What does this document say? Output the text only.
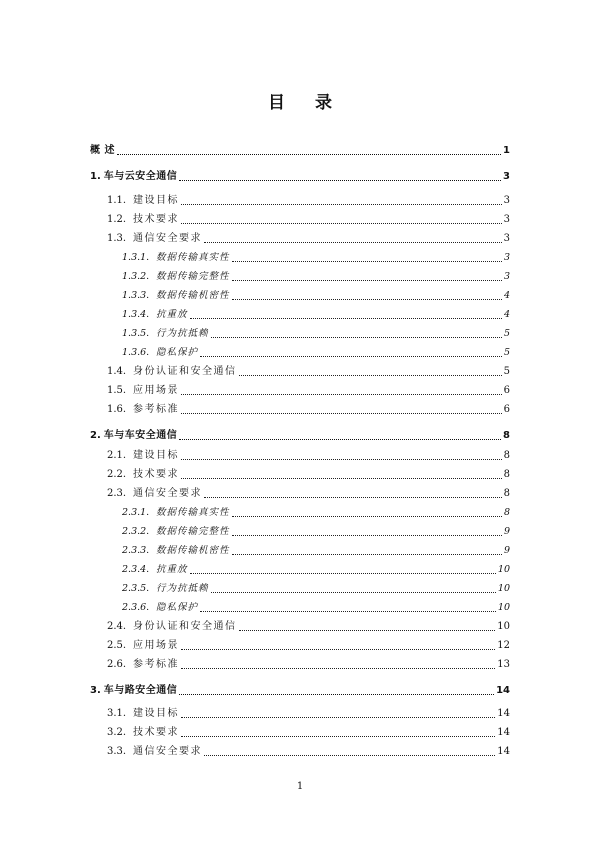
目 录
概 述	1
1. 车与云安全通信	3
1.1. 建设目标	3
1.2. 技术要求	3
1.3. 通信安全要求	3
1.3.1. 数据传输真实性	3
1.3.2. 数据传输完整性	3
1.3.3. 数据传输机密性	4
1.3.4. 抗重放	4
1.3.5. 行为抗抵赖	5
1.3.6. 隐私保护	5
1.4. 身份认证和安全通信	5
1.5. 应用场景	6
1.6. 参考标准	6
2. 车与车安全通信	8
2.1. 建设目标	8
2.2. 技术要求	8
2.3. 通信安全要求	8
2.3.1. 数据传输真实性	8
2.3.2. 数据传输完整性	9
2.3.3. 数据传输机密性	9
2.3.4. 抗重放	10
2.3.5. 行为抗抵赖	10
2.3.6. 隐私保护	10
2.4. 身份认证和安全通信	10
2.5. 应用场景	12
2.6. 参考标准	13
3. 车与路安全通信	14
3.1. 建设目标	14
3.2. 技术要求	14
3.3. 通信安全要求	14
1
